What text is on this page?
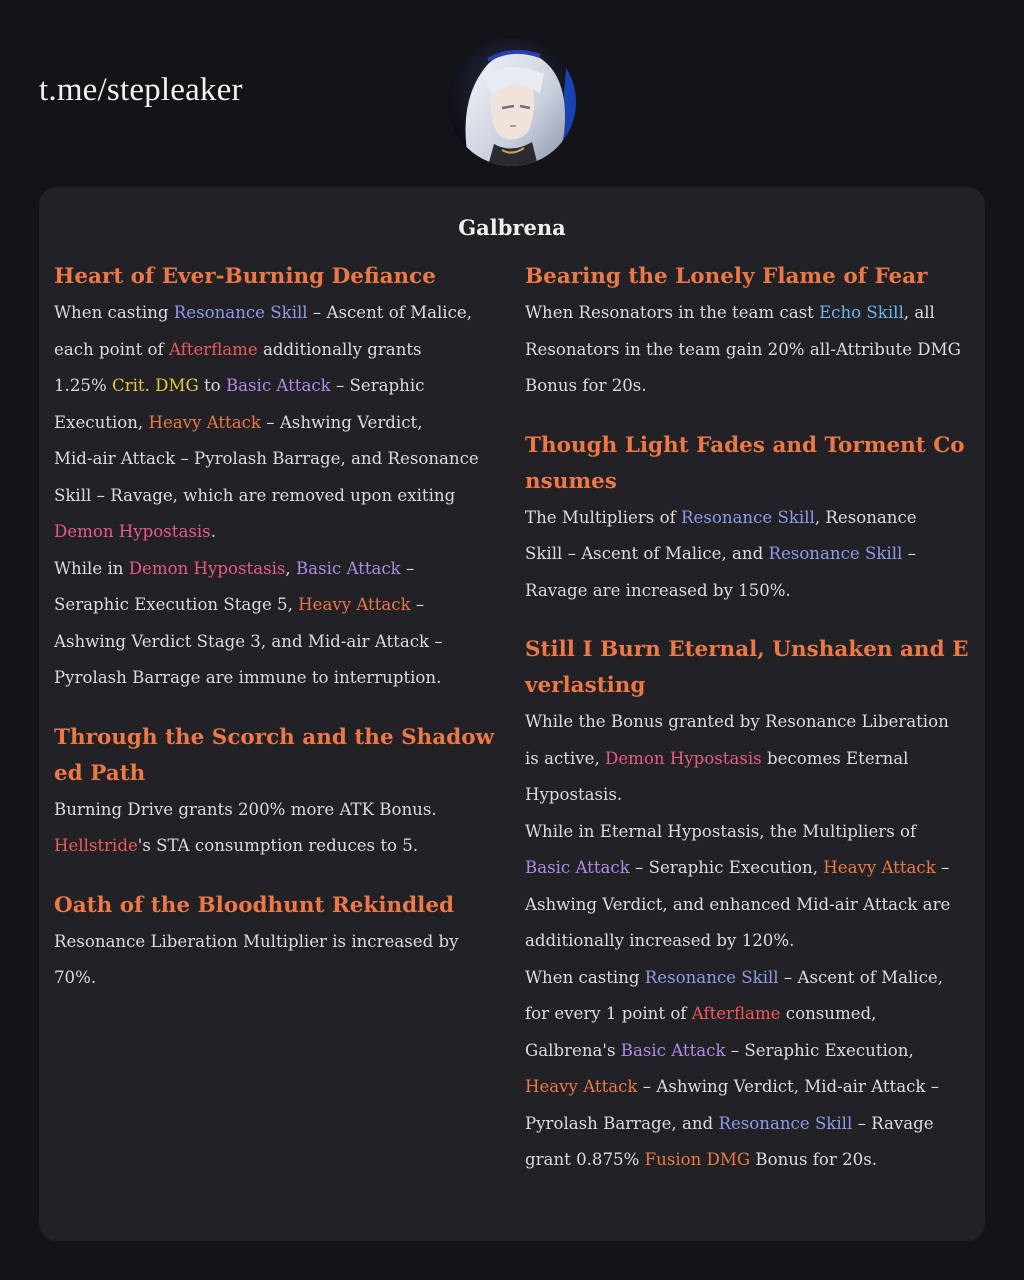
t.me/stepleaker
Galbrena
Heart of Ever-Burning Defiance
When casting Resonance Skill – Ascent of Malice,
each point of Afterflame additionally grants
1.25% Crit. DMG to Basic Attack – Seraphic
Execution, Heavy Attack – Ashwing Verdict,
Mid-air Attack – Pyrolash Barrage, and Resonance
Skill – Ravage, which are removed upon exiting
Demon Hypostasis.
While in Demon Hypostasis, Basic Attack –
Seraphic Execution Stage 5, Heavy Attack –
Ashwing Verdict Stage 3, and Mid-air Attack –
Pyrolash Barrage are immune to interruption.
Through the Scorch and the Shadowed Path
Burning Drive grants 200% more ATK Bonus.
Hellstride's STA consumption reduces to 5.
Oath of the Bloodhunt Rekindled
Resonance Liberation Multiplier is increased by
70%.
Bearing the Lonely Flame of Fear
When Resonators in the team cast Echo Skill, all
Resonators in the team gain 20% all-Attribute DMG
Bonus for 20s.
Though Light Fades and Torment Consumes
The Multipliers of Resonance Skill, Resonance
Skill – Ascent of Malice, and Resonance Skill –
Ravage are increased by 150%.
Still I Burn Eternal, Unshaken and Everlasting
While the Bonus granted by Resonance Liberation
is active, Demon Hypostasis becomes Eternal
Hypostasis.
While in Eternal Hypostasis, the Multipliers of
Basic Attack – Seraphic Execution, Heavy Attack –
Ashwing Verdict, and enhanced Mid-air Attack are
additionally increased by 120%.
When casting Resonance Skill – Ascent of Malice,
for every 1 point of Afterflame consumed,
Galbrena's Basic Attack – Seraphic Execution,
Heavy Attack – Ashwing Verdict, Mid-air Attack –
Pyrolash Barrage, and Resonance Skill – Ravage
grant 0.875% Fusion DMG Bonus for 20s.
